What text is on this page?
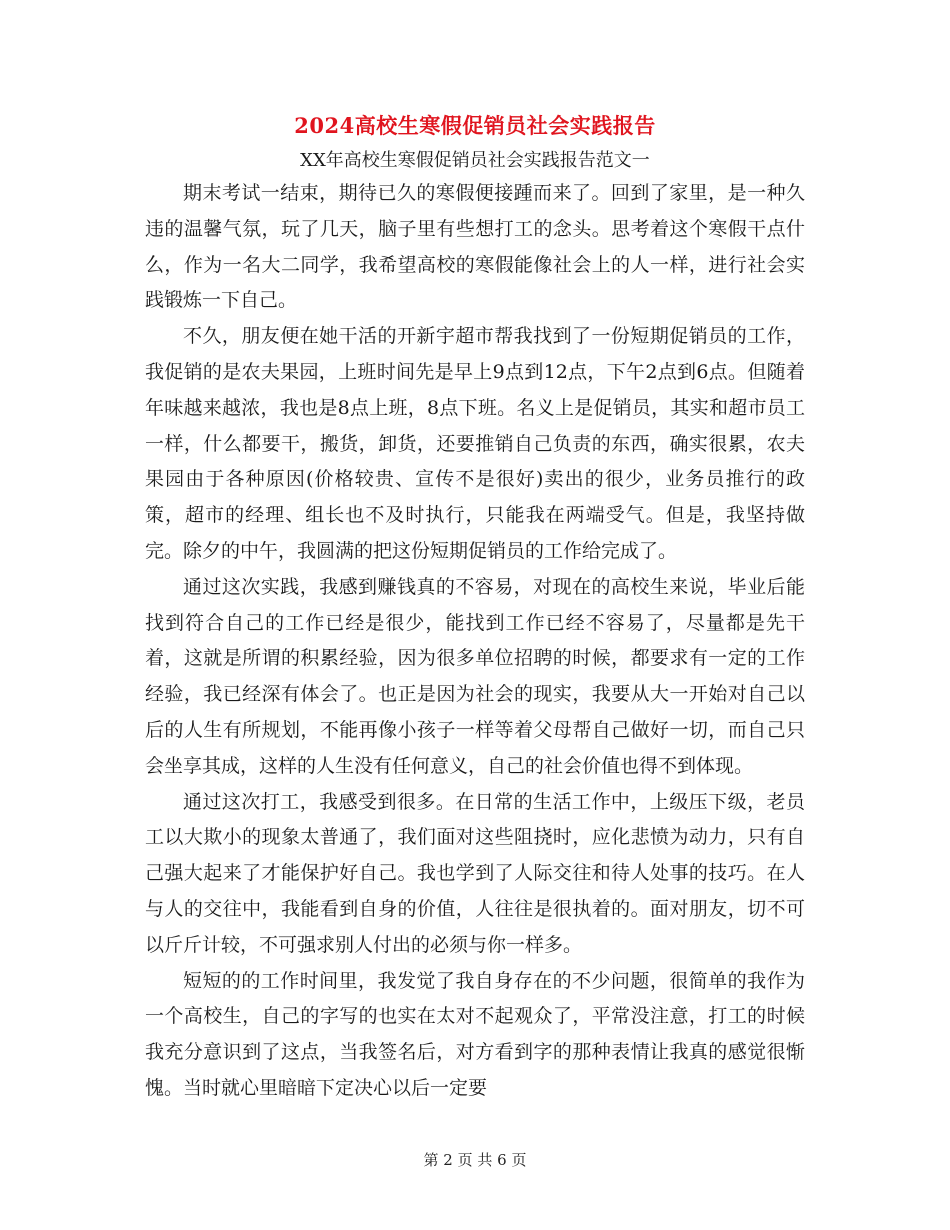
2024高校生寒假促销员社会实践报告
XX年高校生寒假促销员社会实践报告范文一

期末考试一结束，期待已久的寒假便接踵而来了。回到了家里，是一种久违的温馨气氛，玩了几天，脑子里有些想打工的念头。思考着这个寒假干点什么，作为一名大二同学，我希望高校的寒假能像社会上的人一样，进行社会实践锻炼一下自己。

不久，朋友便在她干活的开新宇超市帮我找到了一份短期促销员的工作，我促销的是农夫果园，上班时间先是早上9点到12点，下午2点到6点。但随着年味越来越浓，我也是8点上班，8点下班。名义上是促销员，其实和超市员工一样，什么都要干，搬货，卸货，还要推销自己负责的东西，确实很累，农夫果园由于各种原因(价格较贵、宣传不是很好)卖出的很少，业务员推行的政策，超市的经理、组长也不及时执行，只能我在两端受气。但是，我坚持做完。除夕的中午，我圆满的把这份短期促销员的工作给完成了。

通过这次实践，我感到赚钱真的不容易，对现在的高校生来说，毕业后能找到符合自己的工作已经是很少，能找到工作已经不容易了，尽量都是先干着，这就是所谓的积累经验，因为很多单位招聘的时候，都要求有一定的工作经验，我已经深有体会了。也正是因为社会的现实，我要从大一开始对自己以后的人生有所规划，不能再像小孩子一样等着父母帮自己做好一切，而自己只会坐享其成，这样的人生没有任何意义，自己的社会价值也得不到体现。

通过这次打工，我感受到很多。在日常的生活工作中，上级压下级，老员工以大欺小的现象太普通了，我们面对这些阻挠时，应化悲愤为动力，只有自己强大起来了才能保护好自己。我也学到了人际交往和待人处事的技巧。在人与人的交往中，我能看到自身的价值，人往往是很执着的。面对朋友，切不可以斤斤计较，不可强求别人付出的必须与你一样多。

短短的的工作时间里，我发觉了我自身存在的不少问题，很简单的我作为一个高校生，自己的字写的也实在太对不起观众了，平常没注意，打工的时候我充分意识到了这点，当我签名后，对方看到字的那种表情让我真的感觉很惭愧。当时就心里暗暗下定决心以后一定要

第 2 页 共 6 页
